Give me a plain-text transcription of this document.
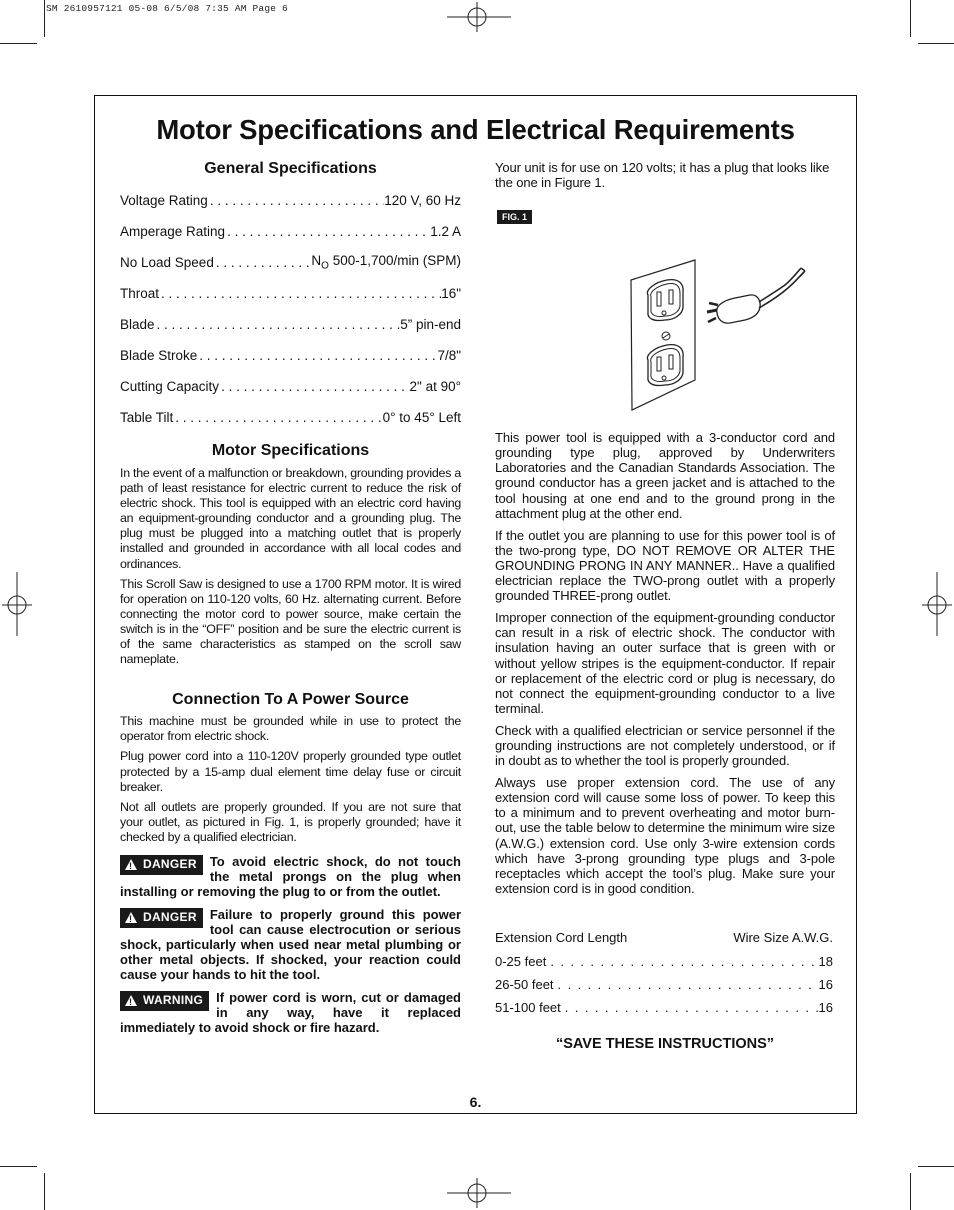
SM 2610957121 05-08 6/5/08 7:35 AM Page 6
Motor Specifications and Electrical Requirements
General Specifications
Voltage Rating . . .	120 V, 60 Hz
Amperage Rating . . .	1.2 A
No Load Speed . . .	$N_O$ 500-1,700/min (SPM)
Throat . . .	16"
Blade . . .	5” pin-end
Blade Stroke . . .	7/8"
Cutting Capacity . . .	2" at 90°
Table Tilt . . .	0° to 45° Left
Motor Specifications

In the event of a malfunction or breakdown, grounding provides a path of least resistance for electric current to reduce the risk of electric shock. This tool is equipped with an electric cord having an equipment-grounding conductor and a grounding plug. The plug must be plugged into a matching outlet that is properly installed and grounded in accordance with all local codes and ordinances.

This Scroll Saw is designed to use a 1700 RPM motor. It is wired for operation on 110-120 volts, 60 Hz. alternating current. Before connecting the motor cord to power source, make certain the switch is in the “OFF” position and be sure the electric current is of the same characteristics as stamped on the scroll saw nameplate.

Connection To A Power Source

This machine must be grounded while in use to protect the operator from electric shock.

Plug power cord into a 110-120V properly grounded type outlet protected by a 15-amp dual element time delay fuse or circuit breaker.

Not all outlets are properly grounded. If you are not sure that your outlet, as pictured in Fig. 1, is properly grounded; have it checked by a qualified electrician.

!
DANGER To avoid electric shock, do not touch the metal prongs on the plug when installing or removing the plug to or from the outlet.
!
DANGER Failure to properly ground this power tool can cause electrocution or serious shock, particularly when used near metal plumbing or other metal objects. If shocked, your reaction could cause your hands to hit the tool.
!
WARNING If power cord is worn, cut or damaged in any way, have it replaced immediately to avoid shock or fire hazard.

Your unit is for use on 120 volts; it has a plug that looks like the one in Figure 1.

FIG. 1

This power tool is equipped with a 3-conductor cord and grounding type plug, approved by Underwriters Laboratories and the Canadian Standards Association. The ground conductor has a green jacket and is attached to the tool housing at one end and to the ground prong in the attachment plug at the other end.

If the outlet you are planning to use for this power tool is of the two-prong type, DO NOT REMOVE OR ALTER THE GROUNDING PRONG IN ANY MANNER.. Have a qualified electrician replace the TWO-prong outlet with a properly grounded THREE-prong outlet.

Improper connection of the equipment-grounding conductor can result in a risk of electric shock. The conductor with insulation having an outer surface that is green with or without yellow stripes is the equipment-conductor. If repair or replacement of the electric cord or plug is necessary, do not connect the equipment-grounding conductor to a live terminal.

Check with a qualified electrician or service personnel if the grounding instructions are not completely understood, or if in doubt as to whether the tool is properly grounded.

Always use proper extension cord. The use of any extension cord will cause some loss of power. To keep this to a minimum and to prevent overheating and motor burn-out, use the table below to determine the minimum wire size (A.W.G.) extension cord. Use only 3-wire extension cords which have 3-prong grounding type plugs and 3-pole receptacles which accept the tool’s plug. Make sure your extension cord is in good condition.

Extension Cord Length	Wire Size A.W.G.
0-25 feet . . .	18
26-50 feet . . .	16
51-100 feet . . .	16
“SAVE THESE INSTRUCTIONS”
6.
